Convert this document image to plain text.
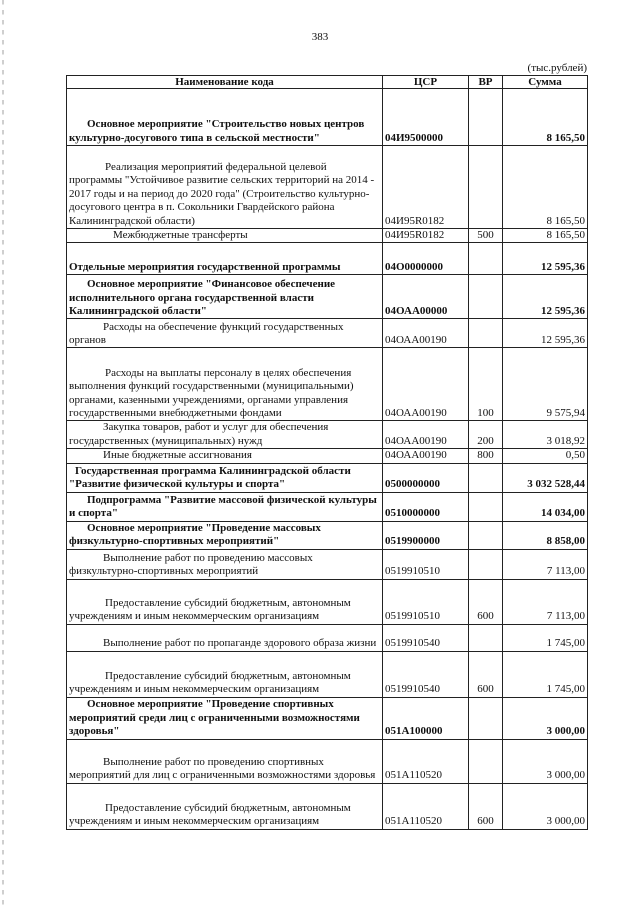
383
(тыс.рублей)
Наименование кода	ЦСР	ВР	Сумма
Основное мероприятие "Строительство новых центров культурно-досугового типа в сельской местности"	04И9500000		8 165,50
Реализация мероприятий федеральной целевой программы "Устойчивое развитие сельских территорий на 2014 - 2017 годы и на период до 2020 года" (Строительство культурно-досугового центра в п. Сокольники Гвардейского района Калининградской области)	04И95R0182		8 165,50
Межбюджетные трансферты	04И95R0182	500	8 165,50
Отдельные мероприятия государственной программы	04О0000000		12 595,36
Основное мероприятие "Финансовое обеспечение исполнительного органа государственной власти Калининградской области"	04ОАА00000		12 595,36
Расходы на обеспечение функций государственных органов	04ОАА00190		12 595,36
Расходы на выплаты персоналу в целях обеспечения выполнения функций государственными (муниципальными) органами, казенными учреждениями, органами управления государственными внебюджетными фондами	04ОАА00190	100	9 575,94
Закупка товаров, работ и услуг для обеспечения государственных (муниципальных) нужд	04ОАА00190	200	3 018,92
Иные бюджетные ассигнования	04ОАА00190	800	0,50
Государственная программа Калининградской области "Развитие физической культуры и спорта"	0500000000		3 032 528,44
Подпрограмма "Развитие массовой физической культуры и спорта"	0510000000		14 034,00
Основное мероприятие "Проведение массовых физкультурно-спортивных мероприятий"	0519900000		8 858,00
Выполнение работ по проведению массовых физкультурно-спортивных мероприятий	0519910510		7 113,00
Предоставление субсидий бюджетным, автономным учреждениям и иным некоммерческим организациям	0519910510	600	7 113,00
Выполнение работ по пропаганде здорового образа жизни	0519910540		1 745,00
Предоставление субсидий бюджетным, автономным учреждениям и иным некоммерческим организациям	0519910540	600	1 745,00
Основное мероприятие "Проведение спортивных мероприятий среди лиц с ограниченными возможностями здоровья"	051А100000		3 000,00
Выполнение работ по проведению спортивных мероприятий для лиц с ограниченными возможностями здоровья	051А110520		3 000,00
Предоставление субсидий бюджетным, автономным учреждениям и иным некоммерческим организациям	051А110520	600	3 000,00
